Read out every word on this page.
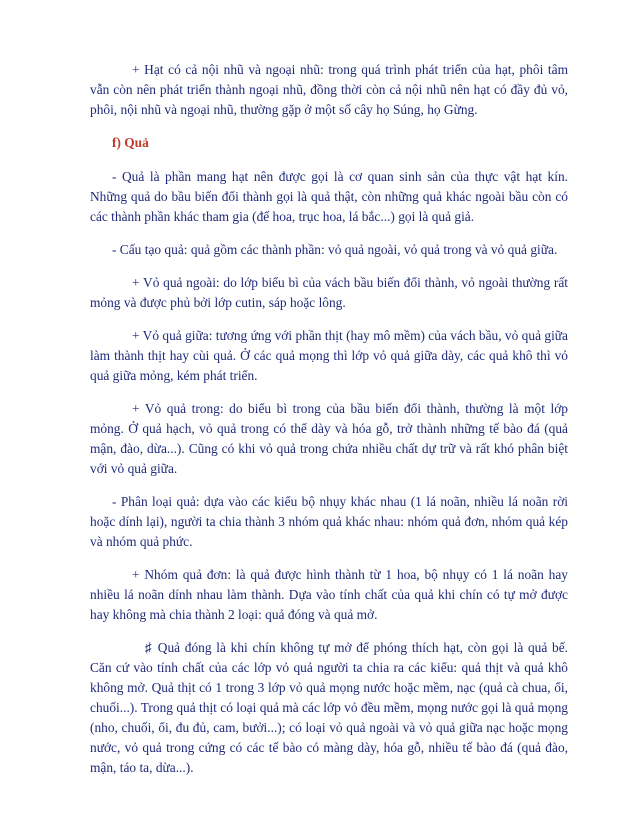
+ Hạt có cả nội nhũ và ngoại nhũ: trong quá trình phát triển của hạt, phôi tâm vẫn còn nên phát triển thành ngoại nhũ, đồng thời còn cả nội nhũ nên hạt có đầy đủ vỏ, phôi, nội nhũ và ngoại nhũ, thường gặp ở một số cây họ Súng, họ Gừng.

f) Quả

- Quả là phần mang hạt nên được gọi là cơ quan sinh sản của thực vật hạt kín. Những quả do bầu biến đổi thành gọi là quả thật, còn những quả khác ngoài bầu còn có các thành phần khác tham gia (đế hoa, trục hoa, lá bắc...) gọi là quả giả.

- Cấu tạo quả: quả gồm các thành phần: vỏ quả ngoài, vỏ quả trong và vỏ quả giữa.

+ Vỏ quả ngoài: do lớp biểu bì của vách bầu biến đổi thành, vỏ ngoài thường rất mỏng và được phủ bởi lớp cutin, sáp hoặc lông.

+ Vỏ quả giữa: tương ứng với phần thịt (hay mô mềm) của vách bầu, vỏ quả giữa làm thành thịt hay cùi quả. Ở các quả mọng thì lớp vỏ quả giữa dày, các quả khô thì vỏ quả giữa mỏng, kém phát triển.

+ Vỏ quả trong: do biểu bì trong của bầu biến đổi thành, thường là một lớp mỏng. Ở quả hạch, vỏ quả trong có thể dày và hóa gỗ, trở thành những tế bào đá (quả mận, đào, dừa...). Cũng có khi vỏ quả trong chứa nhiều chất dự trữ và rất khó phân biệt với vỏ quả giữa.

- Phân loại quả: dựa vào các kiểu bộ nhụy khác nhau (1 lá noãn, nhiều lá noãn rời hoặc dính lại), người ta chia thành 3 nhóm quả khác nhau: nhóm quả đơn, nhóm quả kép và nhóm quả phức.

+ Nhóm quả đơn: là quả được hình thành từ 1 hoa, bộ nhụy có 1 lá noãn hay nhiều lá noãn dính nhau làm thành. Dựa vào tính chất của quả khi chín có tự mở được hay không mà chia thành 2 loại: quả đóng và quả mở.

♯ Quả đóng là khi chín không tự mở để phóng thích hạt, còn gọi là quả bế. Căn cứ vào tính chất của các lớp vỏ quả người ta chia ra các kiểu: quả thịt và quả khô không mở. Quả thịt có 1 trong 3 lớp vỏ quả mọng nước hoặc mềm, nạc (quả cà chua, ổi, chuối...). Trong quả thịt có loại quả mà các lớp vỏ đều mềm, mọng nước gọi là quả mọng (nho, chuối, ổi, đu đủ, cam, bưởi...); có loại vỏ quả ngoài và vỏ quả giữa nạc hoặc mọng nước, vỏ quả trong cứng có các tế bào có màng dày, hóa gỗ, nhiều tế bào đá (quả đào, mận, táo ta, dừa...).
